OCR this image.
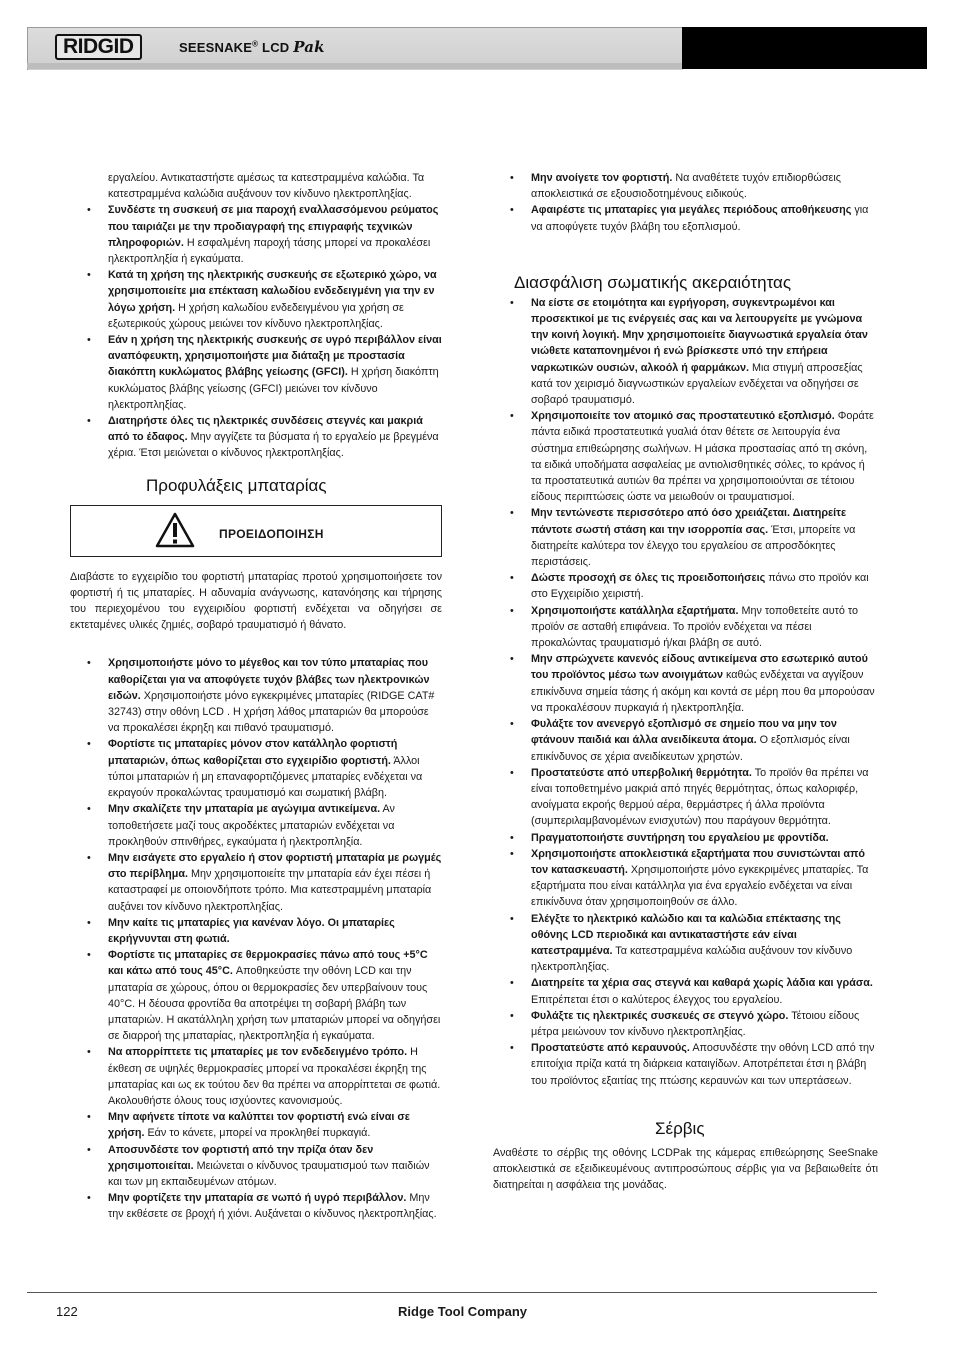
RIDGID	SEESNAKE® LCD Pak

εργαλείου. Αντικαταστήστε αμέσως τα κατεστραμμένα καλώδια. Τα κατεστραμμένα καλώδια αυξάνουν τον κίνδυνο ηλεκτροπληξίας.

• Συνδέστε τη συσκευή σε μια παροχή εναλλασσόμενου ρεύματος που ταιριάζει με την προδιαγραφή της επιγραφής τεχνικών πληροφοριών. Η εσφαλμένη παροχή τάσης μπορεί να προκαλέσει ηλεκτροπληξία ή εγκαύματα.
• Κατά τη χρήση της ηλεκτρικής συσκευής σε εξωτερικό χώρο, να χρησιμοποιείτε μια επέκταση καλωδίου ενδεδειγμένη για την εν λόγω χρήση. Η χρήση καλωδίου ενδεδειγμένου για χρήση σε εξωτερικούς χώρους μειώνει τον κίνδυνο ηλεκτροπληξίας.
• Εάν η χρήση της ηλεκτρικής συσκευής σε υγρό περιβάλλον είναι αναπόφευκτη, χρησιμοποιήστε μια διάταξη με προστασία διακόπτη κυκλώματος βλάβης γείωσης (GFCI). Η χρήση διακόπτη κυκλώματος βλάβης γείωσης (GFCI) μειώνει τον κίνδυνο ηλεκτροπληξίας.
• Διατηρήστε όλες τις ηλεκτρικές συνδέσεις στεγνές και μακριά από το έδαφος. Μην αγγίζετε τα βύσματα ή το εργαλείο με βρεγμένα χέρια. Έτσι μειώνεται ο κίνδυνος ηλεκτροπληξίας.
Προφυλάξεις μπαταρίας
ΠΡΟΕΙΔΟΠΟΙΗΣΗ

Διαβάστε το εγχειρίδιο του φορτιστή μπαταρίας προτού χρησιμοποιήσετε τον φορτιστή ή τις μπαταρίες. Η αδυναμία ανάγνωσης, κατανόησης και τήρησης του περιεχομένου του εγχειριδίου φορτιστή ενδέχεται να οδηγήσει σε εκτεταμένες υλικές ζημιές, σοβαρό τραυματισμό ή θάνατο.

• Χρησιμοποιήστε μόνο το μέγεθος και τον τύπο μπαταρίας που καθορίζεται για να αποφύγετε τυχόν βλάβες των ηλεκτρονικών ειδών. Χρησιμοποιήστε μόνο εγκεκριμένες μπαταρίες (RIDGE CAT# 32743) στην οθόνη LCD . Η χρήση λάθος μπαταριών θα μπορούσε να προκαλέσει έκρηξη και πιθανό τραυματισμό.
• Φορτίστε τις μπαταρίες μόνον στον κατάλληλο φορτιστή μπαταριών, όπως καθορίζεται στο εγχειρίδιο φορτιστή. Άλλοι τύποι μπαταριών ή μη επαναφορτιζόμενες μπαταρίες ενδέχεται να εκραγούν προκαλώντας τραυματισμό και σωματική βλάβη.
• Μην σκαλίζετε την μπαταρία με αγώγιμα αντικείμενα. Αν τοποθετήσετε μαζί τους ακροδέκτες μπαταριών ενδέχεται να προκληθούν σπινθήρες, εγκαύματα ή ηλεκτροπληξία.
• Μην εισάγετε στο εργαλείο ή στον φορτιστή μπαταρία με ρωγμές στο περίβλημα. Μην χρησιμοποιείτε την μπαταρία εάν έχει πέσει ή καταστραφεί με οποιονδήποτε τρόπο. Μια κατεστραμμένη μπαταρία αυξάνει τον κίνδυνο ηλεκτροπληξίας.
• Μην καίτε τις μπαταρίες για κανέναν λόγο. Οι μπαταρίες εκρήγνυνται στη φωτιά.
• Φορτίστε τις μπαταρίες σε θερμοκρασίες πάνω από τους +5°C και κάτω από τους 45°C. Αποθηκεύστε την οθόνη LCD και την μπαταρία σε χώρους, όπου οι θερμοκρασίες δεν υπερβαίνουν τους 40°C. Η δέουσα φροντίδα θα αποτρέψει τη σοβαρή βλάβη των μπαταριών. Η ακατάλληλη χρήση των μπαταριών μπορεί να οδηγήσει σε διαρροή της μπαταρίας, ηλεκτροπληξία ή εγκαύματα.
• Να απορρίπτετε τις μπαταρίες με τον ενδεδειγμένο τρόπο. Η έκθεση σε υψηλές θερμοκρασίες μπορεί να προκαλέσει έκρηξη της μπαταρίας και ως εκ τούτου δεν θα πρέπει να απορρίπτεται σε φωτιά. Ακολουθήστε όλους τους ισχύοντες κανονισμούς.
• Μην αφήνετε τίποτε να καλύπτει τον φορτιστή ενώ είναι σε χρήση. Εάν το κάνετε, μπορεί να προκληθεί πυρκαγιά.
• Αποσυνδέστε τον φορτιστή από την πρίζα όταν δεν χρησιμοποιείται. Μειώνεται ο κίνδυνος τραυματισμού των παιδιών και των μη εκπαιδευμένων ατόμων.
• Μην φορτίζετε την μπαταρία σε νωπό ή υγρό περιβάλλον. Μην την εκθέσετε σε βροχή ή χιόνι. Αυξάνεται ο κίνδυνος ηλεκτροπληξίας.
• Μην ανοίγετε τον φορτιστή. Να αναθέτετε τυχόν επιδιορθώσεις αποκλειστικά σε εξουσιοδοτημένους ειδικούς.
• Αφαιρέστε τις μπαταρίες για μεγάλες περιόδους αποθήκευσης για να αποφύγετε τυχόν βλάβη του εξοπλισμού.
Διασφάλιση σωματικής ακεραιότητας
• Να είστε σε ετοιμότητα και εγρήγορση, συγκεντρωμένοι και προσεκτικοί με τις ενέργειές σας και να λειτουργείτε με γνώμονα την κοινή λογική. Μην χρησιμοποιείτε διαγνωστικά εργαλεία όταν νιώθετε καταπονημένοι ή ενώ βρίσκεστε υπό την επήρεια ναρκωτικών ουσιών, αλκοόλ ή φαρμάκων. Μια στιγμή απροσεξίας κατά τον χειρισμό διαγνωστικών εργαλείων ενδέχεται να οδηγήσει σε σοβαρό τραυματισμό.
• Χρησιμοποιείτε τον ατομικό σας προστατευτικό εξοπλισμό. Φοράτε πάντα ειδικά προστατευτικά γυαλιά όταν θέτετε σε λειτουργία ένα σύστημα επιθεώρησης σωλήνων. Η μάσκα προστασίας από τη σκόνη, τα ειδικά υποδήματα ασφαλείας με αντιολισθητικές σόλες, το κράνος ή τα προστατευτικά αυτιών θα πρέπει να χρησιμοποιούνται σε τέτοιου είδους περιπτώσεις ώστε να μειωθούν οι τραυματισμοί.
• Μην τεντώνεστε περισσότερο από όσο χρειάζεται. Διατηρείτε πάντοτε σωστή στάση και την ισορροπία σας. Έτσι, μπορείτε να διατηρείτε καλύτερα τον έλεγχο του εργαλείου σε απροσδόκητες περιστάσεις.
• Δώστε προσοχή σε όλες τις προειδοποιήσεις πάνω στο προϊόν και στο Εγχειρίδιο χειριστή.
• Χρησιμοποιήστε κατάλληλα εξαρτήματα. Μην τοποθετείτε αυτό το προϊόν σε ασταθή επιφάνεια. Το προϊόν ενδέχεται να πέσει προκαλώντας τραυματισμό ή/και βλάβη σε αυτό.
• Μην σπρώχνετε κανενός είδους αντικείμενα στο εσωτερικό αυτού του προϊόντος μέσω των ανοιγμάτων καθώς ενδέχεται να αγγίξουν επικίνδυνα σημεία τάσης ή ακόμη και κοντά σε μέρη που θα μπορούσαν να προκαλέσουν πυρκαγιά ή ηλεκτροπληξία.
• Φυλάξτε τον ανενεργό εξοπλισμό σε σημείο που να μην τον φτάνουν παιδιά και άλλα ανειδίκευτα άτομα. Ο εξοπλισμός είναι επικίνδυνος σε χέρια ανειδίκευτων χρηστών.
• Προστατεύστε από υπερβολική θερμότητα. Το προϊόν θα πρέπει να είναι τοποθετημένο μακριά από πηγές θερμότητας, όπως καλοριφέρ, ανοίγματα εκροής θερμού αέρα, θερμάστρες ή άλλα προϊόντα (συμπεριλαμβανομένων ενισχυτών) που παράγουν θερμότητα.
• Πραγματοποιήστε συντήρηση του εργαλείου με φροντίδα.
• Χρησιμοποιήστε αποκλειστικά εξαρτήματα που συνιστώνται από τον κατασκευαστή. Χρησιμοποιήστε μόνο εγκεκριμένες μπαταρίες. Τα εξαρτήματα που είναι κατάλληλα για ένα εργαλείο ενδέχεται να είναι επικίνδυνα όταν χρησιμοποιηθούν σε άλλο.
• Ελέγξτε το ηλεκτρικό καλώδιο και τα καλώδια επέκτασης της οθόνης LCD περιοδικά και αντικαταστήστε εάν είναι κατεστραμμένα. Τα κατεστραμμένα καλώδια αυξάνουν τον κίνδυνο ηλεκτροπληξίας.
• Διατηρείτε τα χέρια σας στεγνά και καθαρά χωρίς λάδια και γράσα. Επιτρέπεται έτσι ο καλύτερος έλεγχος του εργαλείου.
• Φυλάξτε τις ηλεκτρικές συσκευές σε στεγνό χώρο. Τέτοιου είδους μέτρα μειώνουν τον κίνδυνο ηλεκτροπληξίας.
• Προστατεύστε από κεραυνούς. Αποσυνδέστε την οθόνη LCD από την επιτοίχια πρίζα κατά τη διάρκεια καταιγίδων. Αποτρέπεται έτσι η βλάβη του προϊόντος εξαιτίας της πτώσης κεραυνών και των υπερτάσεων.
Σέρβις

Αναθέστε το σέρβις της οθόνης LCDPak της κάμερας επιθεώρησης SeeSnake αποκλειστικά σε εξειδικευμένους αντιπροσώπους σέρβις για να βεβαιωθείτε ότι διατηρείται η ασφάλεια της μονάδας.

122	Ridge Tool Company
